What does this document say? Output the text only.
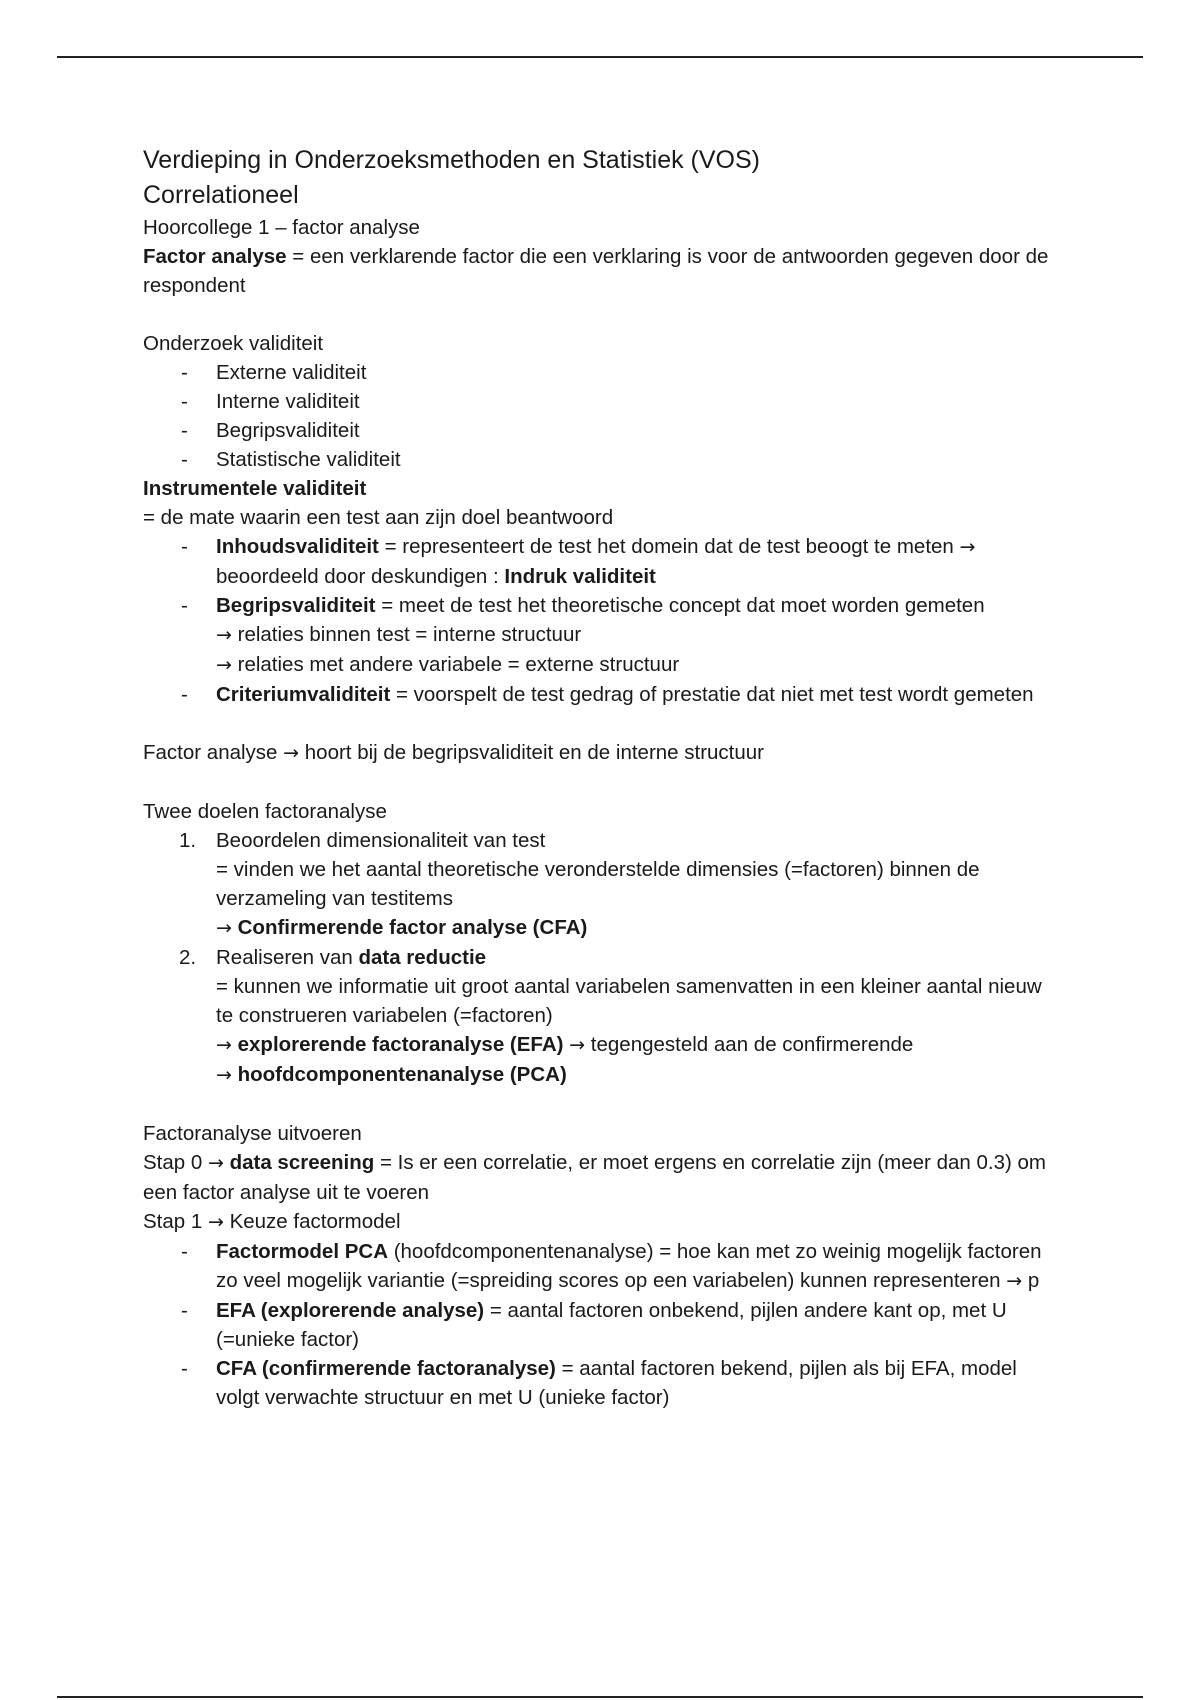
Verdieping in Onderzoeksmethoden en Statistiek (VOS)

Correlationeel

Hoorcollege 1 – factor analyse

Factor analyse = een verklarende factor die een verklaring is voor de antwoorden gegeven door de respondent

Onderzoek validiteit

- Externe validiteit
- Interne validiteit
- Begripsvaliditeit
- Statistische validiteit

Instrumentele validiteit

= de mate waarin een test aan zijn doel beantwoord

- Inhoudsvaliditeit = representeert de test het domein dat de test beoogt te meten → beoordeeld door deskundigen : Indruk validiteit
- Begripsvaliditeit = meet de test het theoretische concept dat moet worden gemeten
→ relaties binnen test = interne structuur
→ relaties met andere variabele = externe structuur
- Criteriumvaliditeit = voorspelt de test gedrag of prestatie dat niet met test wordt gemeten

Factor analyse → hoort bij de begripsvaliditeit en de interne structuur

Twee doelen factoranalyse

1. Beoordelen dimensionaliteit van test
= vinden we het aantal theoretische veronderstelde dimensies (=factoren) binnen de verzameling van testitems
→ Confirmerende factor analyse (CFA)
2. Realiseren van data reductie
= kunnen we informatie uit groot aantal variabelen samenvatten in een kleiner aantal nieuw te construeren variabelen (=factoren)
→ explorerende factoranalyse (EFA) → tegengesteld aan de confirmerende
→ hoofdcomponentenanalyse (PCA)

Factoranalyse uitvoeren

Stap 0 → data screening = Is er een correlatie, er moet ergens en correlatie zijn (meer dan 0.3) om een factor analyse uit te voeren

Stap 1 → Keuze factormodel

- Factormodel PCA (hoofdcomponentenanalyse) = hoe kan met zo weinig mogelijk factoren zo veel mogelijk variantie (=spreiding scores op een variabelen) kunnen representeren → p
- EFA (explorerende analyse) = aantal factoren onbekend, pijlen andere kant op, met U (=unieke factor)
- CFA (confirmerende factoranalyse) = aantal factoren bekend, pijlen als bij EFA, model volgt verwachte structuur en met U (unieke factor)
